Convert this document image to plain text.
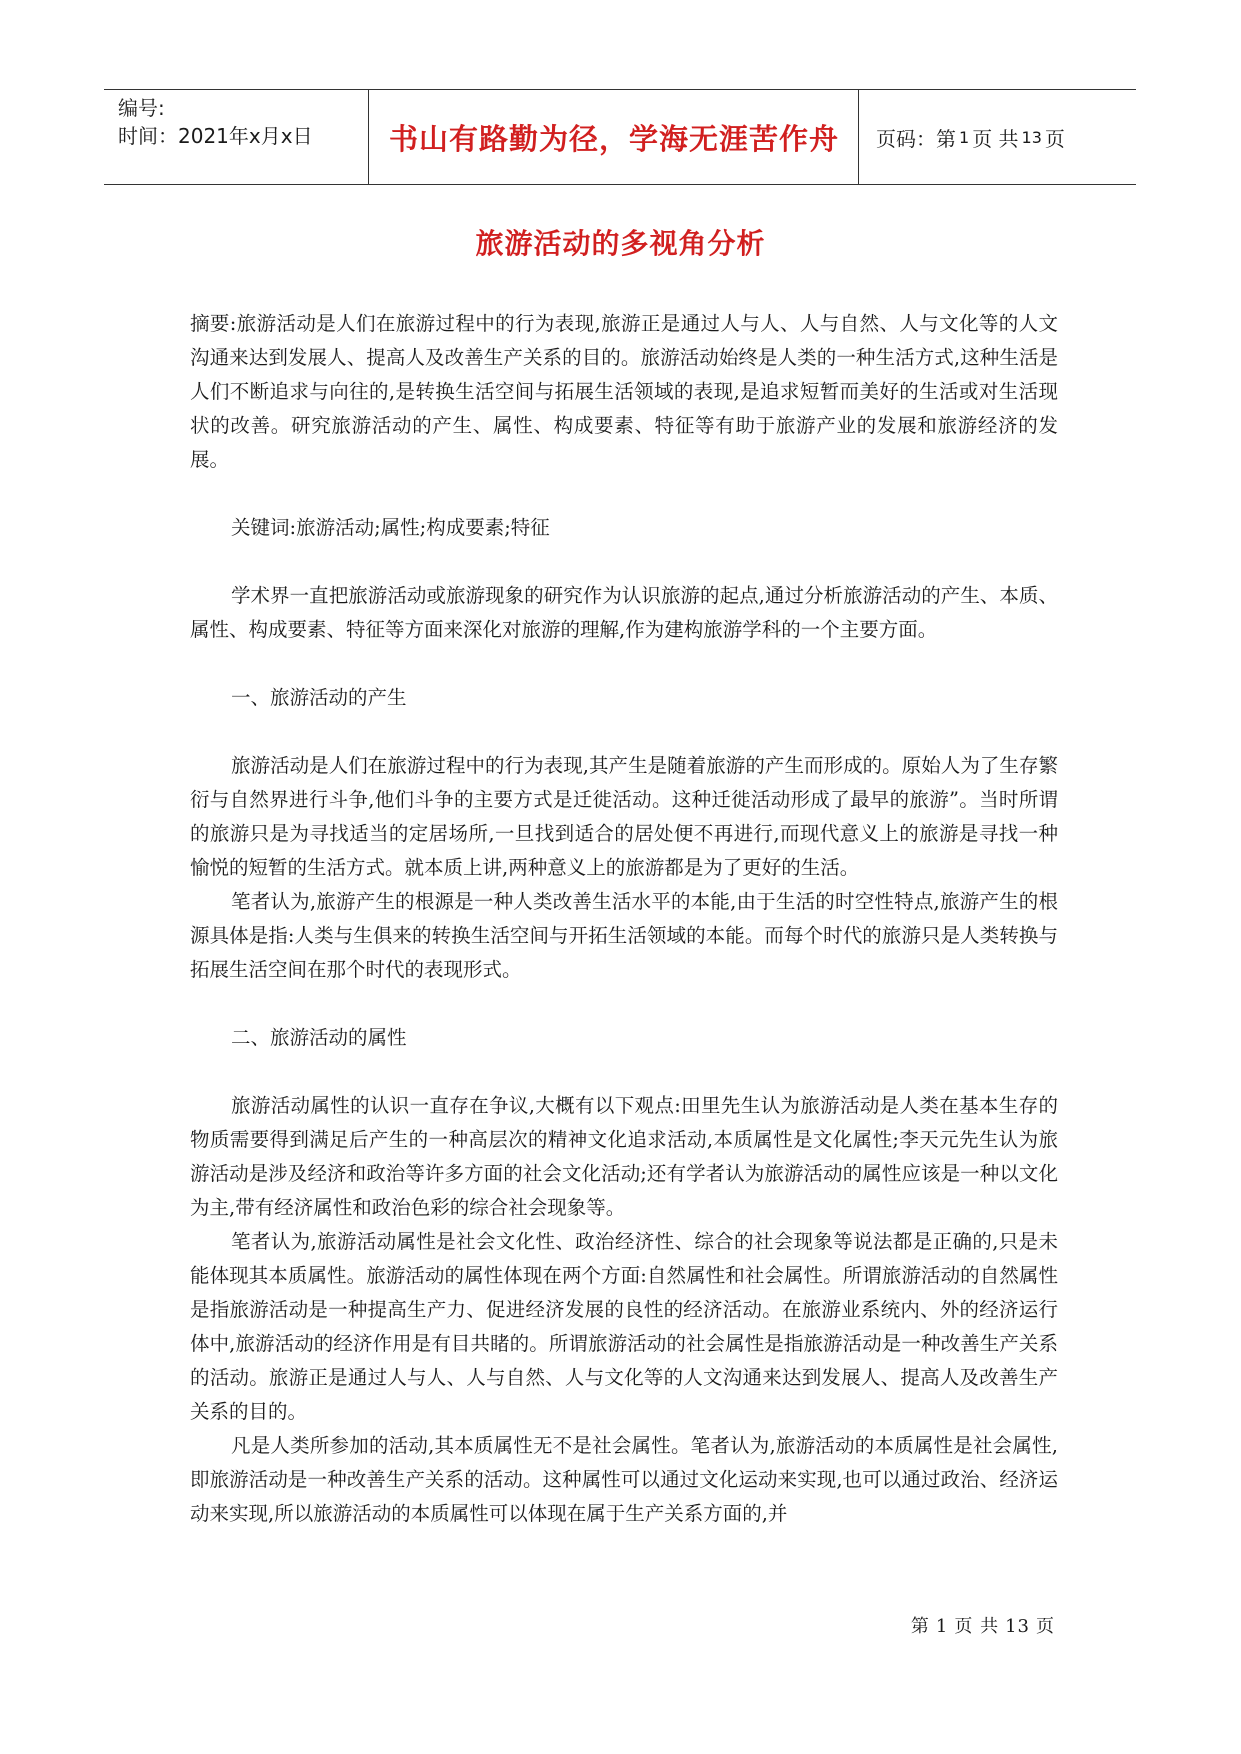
编号:
时间：2021年x月x日	书山有路勤为径，学海无涯苦作舟	页码：第 1 页 共 13 页
旅游活动的多视角分析

摘要:旅游活动是人们在旅游过程中的行为表现,旅游正是通过人与人、人与自然、人与文化等的人文沟通来达到发展人、提高人及改善生产关系的目的。旅游活动始终是人类的一种生活方式,这种生活是人们不断追求与向往的,是转换生活空间与拓展生活领域的表现,是追求短暂而美好的生活或对生活现状的改善。研究旅游活动的产生、属性、构成要素、特征等有助于旅游产业的发展和旅游经济的发展。

关键词:旅游活动;属性;构成要素;特征

学术界一直把旅游活动或旅游现象的研究作为认识旅游的起点,通过分析旅游活动的产生、本质、属性、构成要素、特征等方面来深化对旅游的理解,作为建构旅游学科的一个主要方面。

一、旅游活动的产生

旅游活动是人们在旅游过程中的行为表现,其产生是随着旅游的产生而形成的。原始人为了生存繁衍与自然界进行斗争,他们斗争的主要方式是迁徙活动。这种迁徙活动形成了最早的旅游”。当时所谓的旅游只是为寻找适当的定居场所,一旦找到适合的居处便不再进行,而现代意义上的旅游是寻找一种愉悦的短暂的生活方式。就本质上讲,两种意义上的旅游都是为了更好的生活。

笔者认为,旅游产生的根源是一种人类改善生活水平的本能,由于生活的时空性特点,旅游产生的根源具体是指:人类与生俱来的转换生活空间与开拓生活领域的本能。而每个时代的旅游只是人类转换与拓展生活空间在那个时代的表现形式。

二、旅游活动的属性

旅游活动属性的认识一直存在争议,大概有以下观点:田里先生认为旅游活动是人类在基本生存的物质需要得到满足后产生的一种高层次的精神文化追求活动,本质属性是文化属性;李天元先生认为旅游活动是涉及经济和政治等许多方面的社会文化活动;还有学者认为旅游活动的属性应该是一种以文化为主,带有经济属性和政治色彩的综合社会现象等。

笔者认为,旅游活动属性是社会文化性、政治经济性、综合的社会现象等说法都是正确的,只是未能体现其本质属性。旅游活动的属性体现在两个方面:自然属性和社会属性。所谓旅游活动的自然属性是指旅游活动是一种提高生产力、促进经济发展的良性的经济活动。在旅游业系统内、外的经济运行体中,旅游活动的经济作用是有目共睹的。所谓旅游活动的社会属性是指旅游活动是一种改善生产关系的活动。旅游正是通过人与人、人与自然、人与文化等的人文沟通来达到发展人、提高人及改善生产关系的目的。

凡是人类所参加的活动,其本质属性无不是社会属性。笔者认为,旅游活动的本质属性是社会属性,即旅游活动是一种改善生产关系的活动。这种属性可以通过文化运动来实现,也可以通过政治、经济运动来实现,所以旅游活动的本质属性可以体现在属于生产关系方面的,并

第 1 页 共 13 页
